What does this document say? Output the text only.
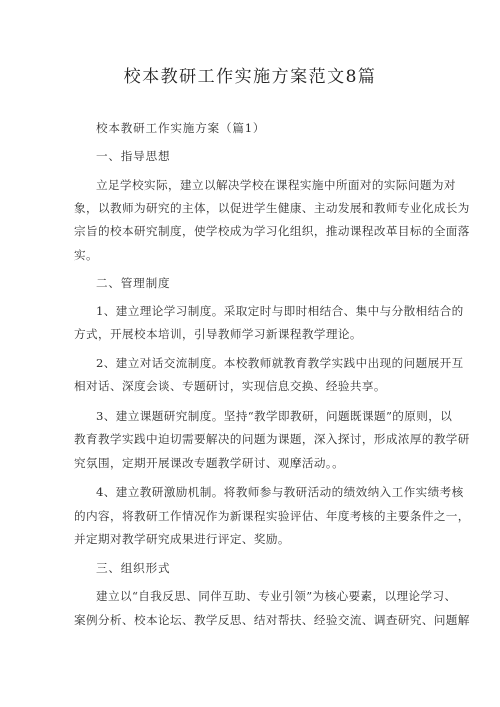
校本教研工作实施方案范文8篇
校本教研工作实施方案（篇1）
一、指导思想
立足学校实际，建立以解决学校在课程实施中所面对的实际问题为对
象，以教师为研究的主体，以促进学生健康、主动发展和教师专业化成长为
宗旨的校本研究制度，使学校成为学习化组织，推动课程改革目标的全面落
实。
二、管理制度
1、建立理论学习制度。采取定时与即时相结合、集中与分散相结合的
方式，开展校本培训，引导教师学习新课程教学理论。
2、建立对话交流制度。本校教师就教育教学实践中出现的问题展开互
相对话、深度会谈、专题研讨，实现信息交换、经验共享。
3、建立课题研究制度。坚持“教学即教研，问题既课题”的原则，以
教育教学实践中迫切需要解决的问题为课题，深入探讨，形成浓厚的教学研
究氛围，定期开展课改专题教学研讨、观摩活动。。
4、建立教研激励机制。将教师参与教研活动的绩效纳入工作实绩考核
的内容，将教研工作情况作为新课程实验评估、年度考核的主要条件之一，
并定期对教学研究成果进行评定、奖励。
三、组织形式
建立以“自我反思、同伴互助、专业引领”为核心要素，以理论学习、
案例分析、校本论坛、教学反思、结对帮扶、经验交流、调查研究、问题解
